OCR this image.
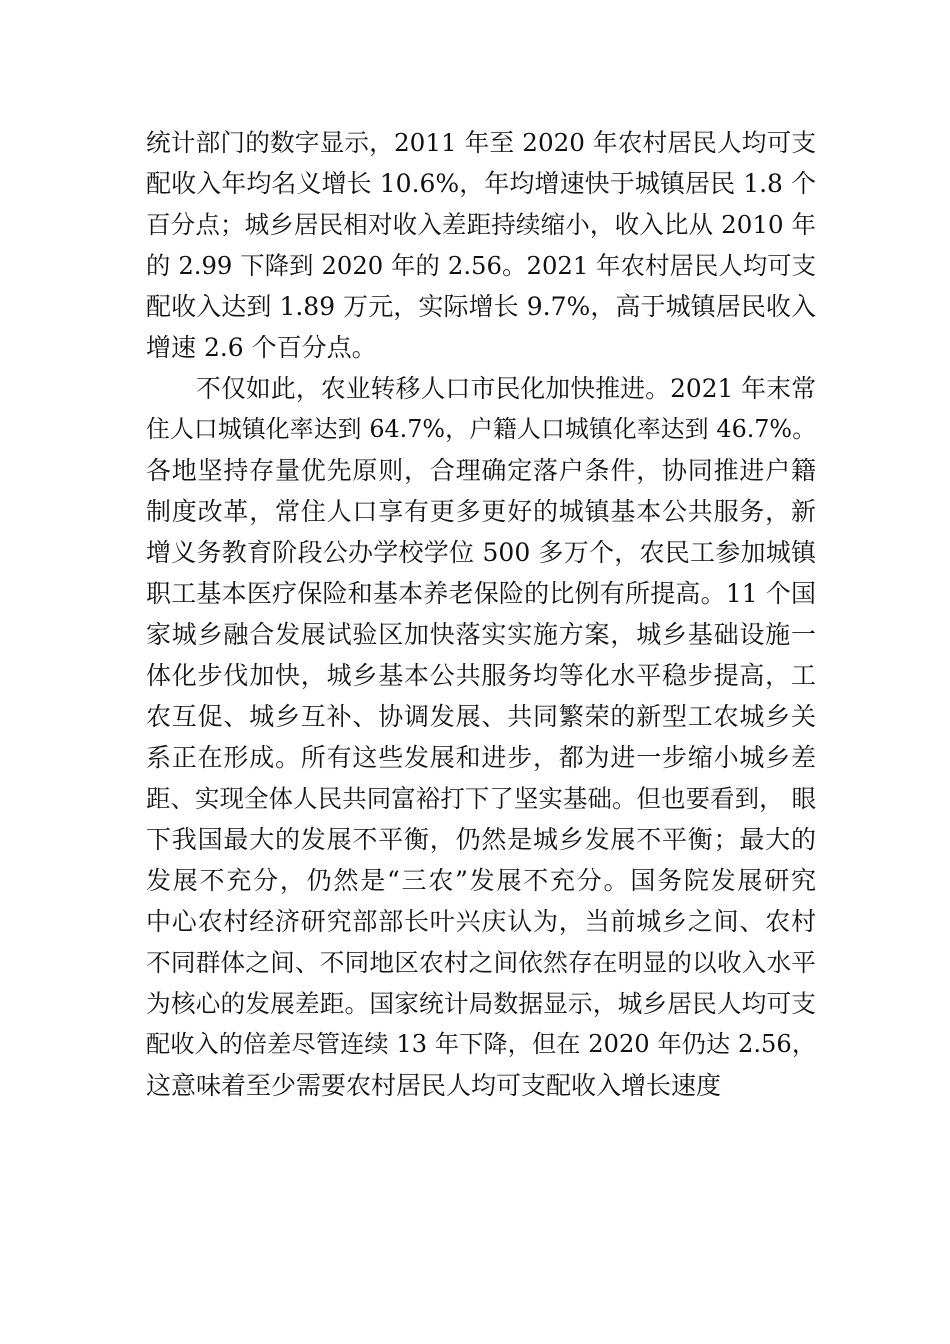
统计部门的数字显示，2011 年至 2020 年农村居民人均可支
配收入年均名义增长 10.6%，年均增速快于城镇居民 1.8 个
百分点；城乡居民相对收入差距持续缩小，收入比从 2010 年
的 2.99 下降到 2020 年的 2.56。2021 年农村居民人均可支
配收入达到 1.89 万元，实际增长 9.7%，高于城镇居民收入
增速 2.6 个百分点。
不仅如此，农业转移人口市民化加快推进。2021 年末常
住人口城镇化率达到 64.7%，户籍人口城镇化率达到 46.7%。
各地坚持存量优先原则，合理确定落户条件，协同推进户籍
制度改革，常住人口享有更多更好的城镇基本公共服务，新
增义务教育阶段公办学校学位 500 多万个，农民工参加城镇
职工基本医疗保险和基本养老保险的比例有所提高。11 个国
家城乡融合发展试验区加快落实实施方案，城乡基础设施一
体化步伐加快，城乡基本公共服务均等化水平稳步提高，工
农互促、城乡互补、协调发展、共同繁荣的新型工农城乡关
系正在形成。所有这些发展和进步，都为进一步缩小城乡差
距、实现全体人民共同富裕打下了坚实基础。但也要看到， 眼
下我国最大的发展不平衡，仍然是城乡发展不平衡；最大的
发展不充分，仍然是“三农”发展不充分。国务院发展研究
中心农村经济研究部部长叶兴庆认为，当前城乡之间、农村
不同群体之间、不同地区农村之间依然存在明显的以收入水平
为核心的发展差距。国家统计局数据显示，城乡居民人均可支
配收入的倍差尽管连续 13 年下降，但在 2020 年仍达 2.56，
这意味着至少需要农村居民人均可支配收入增长速度
